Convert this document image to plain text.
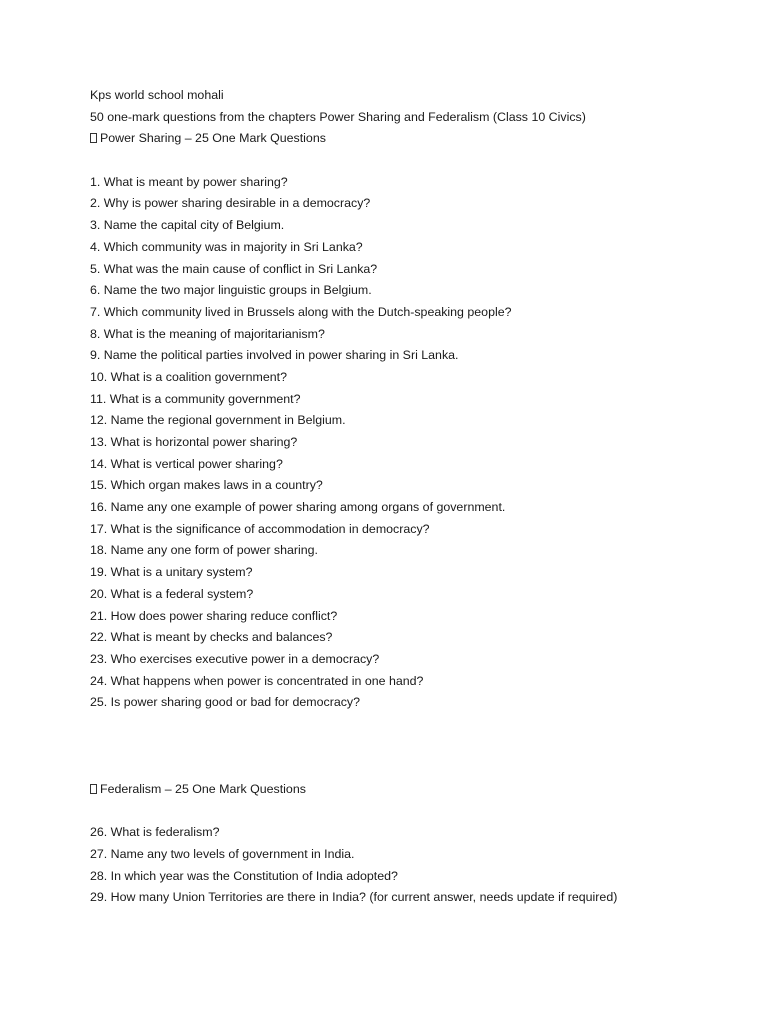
Kps world school mohali
50 one-mark questions from the chapters Power Sharing and Federalism (Class 10 Civics)
Power Sharing – 25 One Mark Questions
1. What is meant by power sharing?
2. Why is power sharing desirable in a democracy?
3. Name the capital city of Belgium.
4. Which community was in majority in Sri Lanka?
5. What was the main cause of conflict in Sri Lanka?
6. Name the two major linguistic groups in Belgium.
7. Which community lived in Brussels along with the Dutch-speaking people?
8. What is the meaning of majoritarianism?
9. Name the political parties involved in power sharing in Sri Lanka.
10. What is a coalition government?
11. What is a community government?
12. Name the regional government in Belgium.
13. What is horizontal power sharing?
14. What is vertical power sharing?
15. Which organ makes laws in a country?
16. Name any one example of power sharing among organs of government.
17. What is the significance of accommodation in democracy?
18. Name any one form of power sharing.
19. What is a unitary system?
20. What is a federal system?
21. How does power sharing reduce conflict?
22. What is meant by checks and balances?
23. Who exercises executive power in a democracy?
24. What happens when power is concentrated in one hand?
25. Is power sharing good or bad for democracy?
Federalism – 25 One Mark Questions
26. What is federalism?
27. Name any two levels of government in India.
28. In which year was the Constitution of India adopted?
29. How many Union Territories are there in India? (for current answer, needs update if required)
